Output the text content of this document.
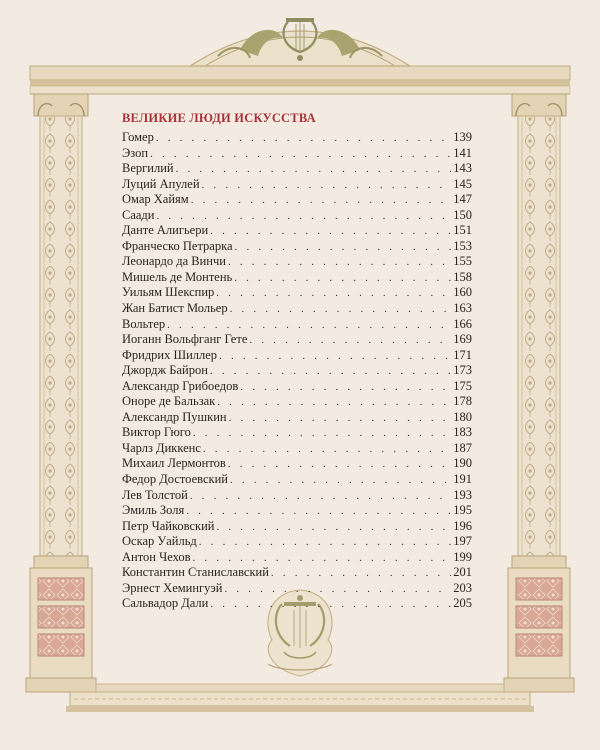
ВЕЛИКИЕ ЛЮДИ ИСКУССТВА
Гомер . . .	139
Эзоп . . .	141
Вергилий . . .	143
Луций Апулей . . .	145
Омар Хайям . . .	147
Саади . . .	150
Данте Алигьери . . .	151
Франческо Петрарка . . .	153
Леонардо да Винчи . . .	155
Мишель де Монтень . . .	158
Уильям Шекспир . . .	160
Жан Батист Мольер . . .	163
Вольтер . . .	166
Иоганн Вольфганг Гете . . .	169
Фридрих Шиллер . . .	171
Джордж Байрон . . .	173
Александр Грибоедов . . .	175
Оноре де Бальзак . . .	178
Александр Пушкин . . .	180
Виктор Гюго . . .	183
Чарлз Диккенс . . .	187
Михаил Лермонтов . . .	190
Федор Достоевский . . .	191
Лев Толстой . . .	193
Эмиль Золя . . .	195
Петр Чайковский . . .	196
Оскар Уайльд . . .	197
Антон Чехов . . .	199
Константин Станиславский . . .	201
Эрнест Хемингуэй . . .	203
Сальвадор Дали . . .	205
